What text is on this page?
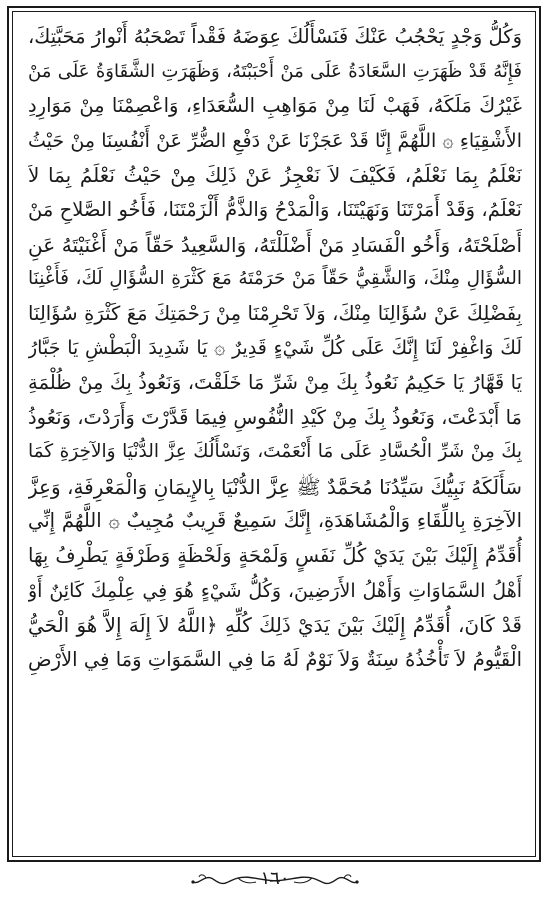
وَكُلُّ وَجْدٍ يَحْجُبُ عَنْكَ فَنَسْأَلُكَ عِوَضَهُ فَقْداً تَصْحَبُهُ أَنْوارُ مَحَبَّتِكَ،
فَإِنَّهُ قَدْ ظَهَرَتِ السَّعَادَةُ عَلَى مَنْ أَحْبَبْتَهُ، وَظَهَرَتِ الشَّقَاوَةُ عَلَى مَنْ
غَيْرُكَ مَلَكَهُ، فَهَبْ لَنَا مِنْ مَوَاهِبِ السُّعَدَاءِ، وَاعْصِمْنَا مِنْ مَوَارِدِ
الأَشْقِيَاءِ ۞ اللَّهُمَّ إِنَّا قَدْ عَجَزْنَا عَنْ دَفْعِ الضُّرِّ عَنْ أَنْفُسِنَا مِنْ حَيْثُ
نَعْلَمُ بِمَا نَعْلَمُ، فَكَيْفَ لاَ نَعْجِزُ عَنْ ذَلِكَ مِنْ حَيْثُ نَعْلَمُ بِمَا لاَ
نَعْلَمُ، وَقَدْ أَمَرْتَنَا وَنَهَيْتَنَا، وَالْمَدْحُ وَالذَّمُّ أَلْزَمْتَنَا، فَأَخُو الصَّلاحِ مَنْ
أَصْلَحْتَهُ، وَأَخُو الْفَسَادِ مَنْ أَضْلَلْتَهُ، وَالسَّعِيدُ حَقّاً مَنْ أَغْنَيْتَهُ عَنِ
السُّؤَالِ مِنْكَ، وَالشَّقِيُّ حَقّاً مَنْ حَرَمْتَهُ مَعَ كَثْرَةِ السُّؤَالِ لَكَ، فَأَغْنِنَا
بِفَضْلِكَ عَنْ سُؤَالِنَا مِنْكَ، وَلاَ تَحْرِمْنَا مِنْ رَحْمَتِكَ مَعَ كَثْرَةِ سُؤَالِنَا
لَكَ وَاغْفِرْ لَنَا إِنَّكَ عَلَى كُلِّ شَيْءٍ قَدِيرٌ ۞ يَا شَدِيدَ الْبَطْشِ يَا جَبَّارُ
يَا قَهَّارُ يَا حَكِيمُ نَعُوذُ بِكَ مِنْ شَرِّ مَا خَلَقْتَ، وَنَعُوذُ بِكَ مِنْ ظُلْمَةِ
مَا أَبْدَعْتَ، وَنَعُوذُ بِكَ مِنْ كَيْدِ النُّفُوسِ فِيمَا قَدَّرْتَ وَأَرَدْتَ، وَنَعُوذُ
بِكَ مِنْ شَرِّ الْحُسَّادِ عَلَى مَا أَنْعَمْتَ، وَنَسْأَلُكَ عِزَّ الدُّنْيَا وَالآخِرَةِ كَمَا
سَأَلَكَهُ نَبِيُّكَ سَيِّدُنَا مُحَمَّدٌ ﷺ عِزَّ الدُّنْيَا بِالإِيمَانِ وَالْمَعْرِفَةِ، وَعِزَّ
الآخِرَةِ بِاللِّقَاءِ وَالْمُشَاهَدَةِ، إِنَّكَ سَمِيعٌ قَرِيبٌ مُجِيبٌ ۞ اللَّهُمَّ إِنِّي
أُقَدِّمُ إِلَيْكَ بَيْنَ يَدَيْ كُلِّ نَفَسٍ وَلَمْحَةٍ وَلَحْظَةٍ وَطَرْفَةٍ يَطْرِفُ بِهَا
أَهْلُ السَّمَاوَاتِ وَأَهْلُ الأَرَضِينَ، وَكُلُّ شَيْءٍ هُوَ فِي عِلْمِكَ كَائِنٌ أَوْ
قَدْ كَانَ، أُقَدِّمُ إِلَيْكَ بَيْنَ يَدَيْ ذَلِكَ كُلِّهِ ﴿اللَّهُ لاَ إِلَهَ إِلاَّ هُوَ الْحَيُّ
الْقَيُّومُ لاَ تَأْخُذُهُ سِنَةٌ وَلاَ نَوْمٌ لَهُ مَا فِي السَّمَوَاتِ وَمَا فِي الأَرْضِ
١٦٠
